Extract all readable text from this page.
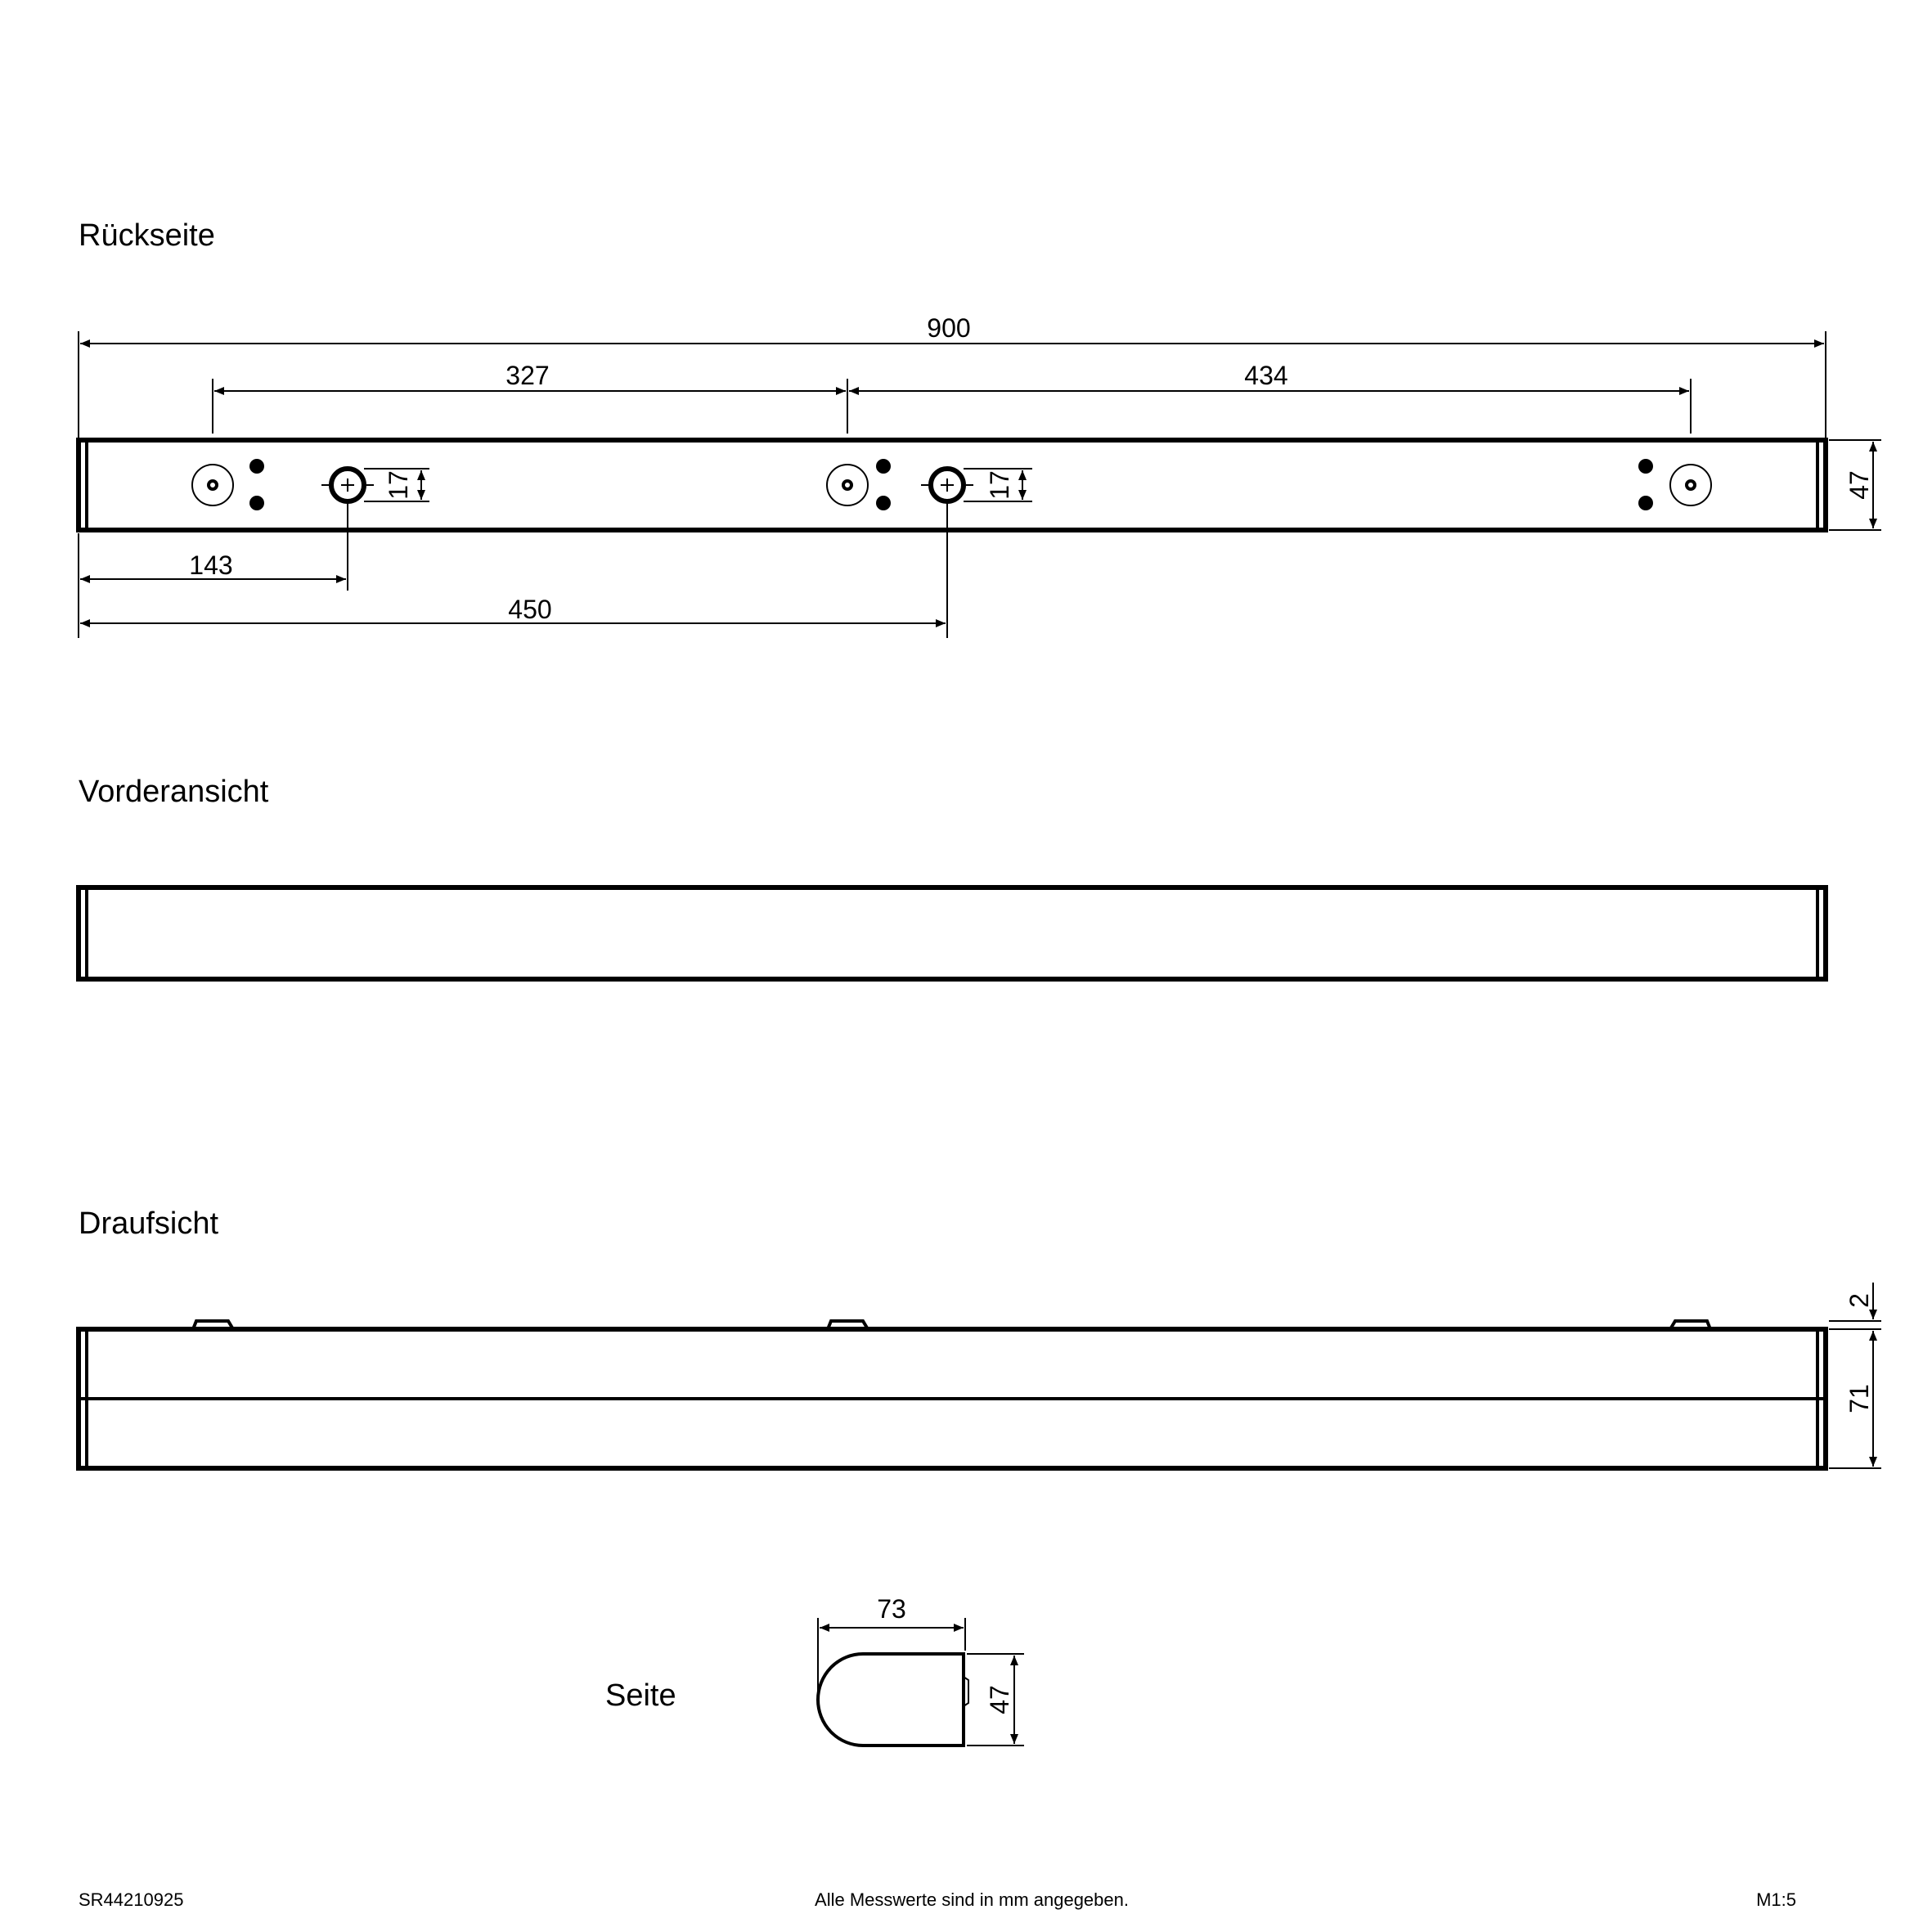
Rückseite
900
327	434
47
17	17
143
450
Vorderansicht
Draufsicht
2
71
Seite
73
47
SR44210925	Alle Messwerte sind in mm angegeben.	M1:5
